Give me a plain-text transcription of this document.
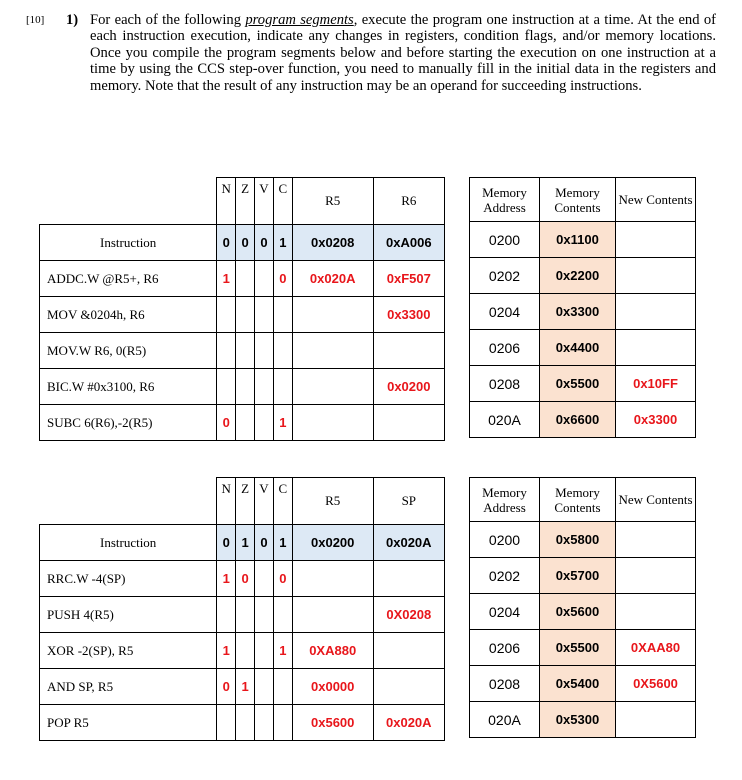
[10] 1) For each of the following program segments, execute the program one instruction at a time. At the end of each instruction execution, indicate any changes in registers, condition flags, and/or memory locations. Once you compile the program segments below and before starting the execution on one instruction at a time by using the CCS step-over function, you need to manually fill in the initial data in the registers and memory. Note that the result of any instruction may be an operand for succeeding instructions.
	N	Z	V	C	R5	R6
Instruction	0	0	0	1	0x0208	0xA006
ADDC.W @R5+, R6	1			0	0x020A	0xF507
MOV &0204h, R6						0x3300
MOV.W R6, 0(R5)						
BIC.W #0x3100, R6						0x0200
SUBC 6(R6),-2(R5)	0			1		
Memory Address	Memory Contents	New Contents
0200	0x1100	
0202	0x2200	
0204	0x3300	
0206	0x4400	
0208	0x5500	0x10FF
020A	0x6600	0x3300
	N	Z	V	C	R5	SP
Instruction	0	1	0	1	0x0200	0x020A
RRC.W -4(SP)	1	0		0		
PUSH 4(R5)						0X0208
XOR -2(SP), R5	1			1	0XA880	
AND SP, R5	0	1			0x0000	
POP R5					0x5600	0x020A
Memory Address	Memory Contents	New Contents
0200	0x5800	
0202	0x5700	
0204	0x5600	
0206	0x5500	0XAA80
0208	0x5400	0X5600
020A	0x5300	
